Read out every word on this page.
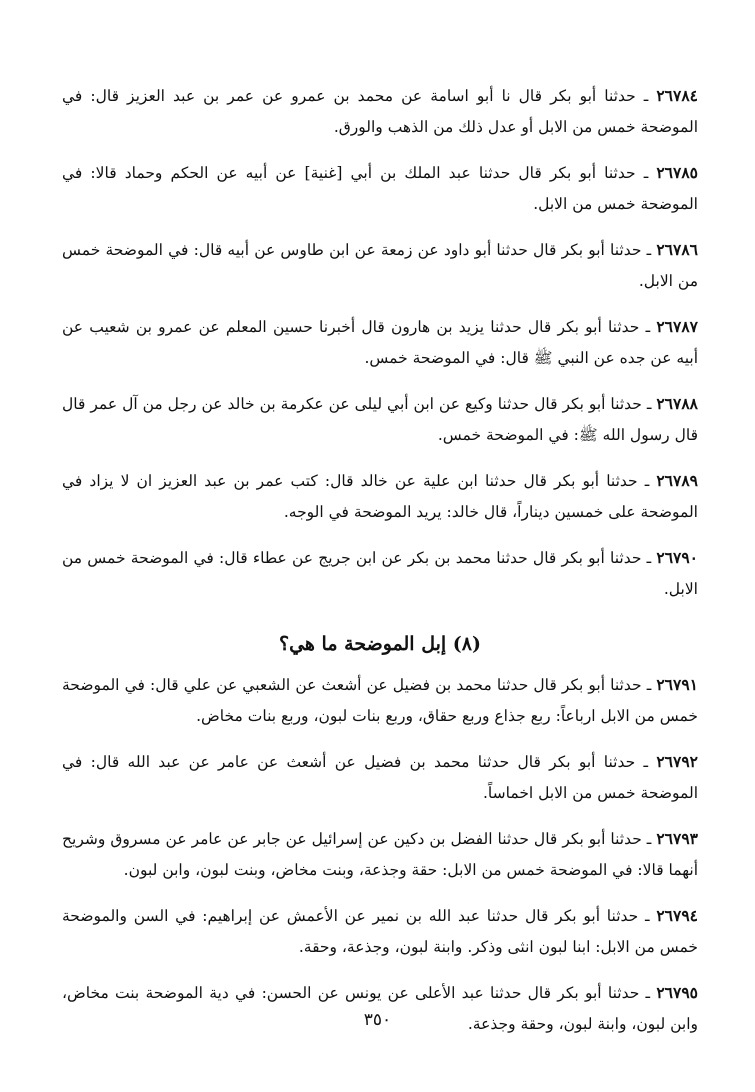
٢٦٧٨٤ ـ حدثنا أبو بكر قال نا أبو اسامة عن محمد بن عمرو عن عمر بن عبد العزيز قال: في الموضحة خمس من الابل أو عدل ذلك من الذهب والورق.

٢٦٧٨٥ ـ حدثنا أبو بكر قال حدثنا عبد الملك بن أبي [غنية] عن أبيه عن الحكم وحماد قالا: في الموضحة خمس من الابل.

٢٦٧٨٦ ـ حدثنا أبو بكر قال حدثنا أبو داود عن زمعة عن ابن طاوس عن أبيه قال: في الموضحة خمس من الابل.

٢٦٧٨٧ ـ حدثنا أبو بكر قال حدثنا يزيد بن هارون قال أخبرنا حسين المعلم عن عمرو بن شعيب عن أبيه عن جده عن النبي ﷺ قال: في الموضحة خمس.

٢٦٧٨٨ ـ حدثنا أبو بكر قال حدثنا وكيع عن ابن أبي ليلى عن عكرمة بن خالد عن رجل من آل عمر قال قال رسول الله ﷺ: في الموضحة خمس.

٢٦٧٨٩ ـ حدثنا أبو بكر قال حدثنا ابن علية عن خالد قال: كتب عمر بن عبد العزيز ان لا يزاد في الموضحة على خمسين ديناراً، قال خالد: يريد الموضحة في الوجه.

٢٦٧٩٠ ـ حدثنا أبو بكر قال حدثنا محمد بن بكر عن ابن جريج عن عطاء قال: في الموضحة خمس من الابل.

(٨) إبل الموضحة ما هي؟

٢٦٧٩١ ـ حدثنا أبو بكر قال حدثنا محمد بن فضيل عن أشعث عن الشعبي عن علي قال: في الموضحة خمس من الابل ارباعاً: ربع جذاع وربع حقاق، وربع بنات لبون، وربع بنات مخاض.

٢٦٧٩٢ ـ حدثنا أبو بكر قال حدثنا محمد بن فضيل عن أشعث عن عامر عن عبد الله قال: في الموضحة خمس من الابل اخماساً.

٢٦٧٩٣ ـ حدثنا أبو بكر قال حدثنا الفضل بن دكين عن إسرائيل عن جابر عن عامر عن مسروق وشريح أنهما قالا: في الموضحة خمس من الابل: حقة وجذعة، وبنت مخاض، وبنت لبون، وابن لبون.

٢٦٧٩٤ ـ حدثنا أبو بكر قال حدثنا عبد الله بن نمير عن الأعمش عن إبراهيم: في السن والموضحة خمس من الابل: ابنا لبون انثى وذكر. وابنة لبون، وجذعة، وحقة.

٢٦٧٩٥ ـ حدثنا أبو بكر قال حدثنا عبد الأعلى عن يونس عن الحسن: في دية الموضحة بنت مخاض، وابن لبون، وابنة لبون، وحقة وجذعة.

٣٥٠
